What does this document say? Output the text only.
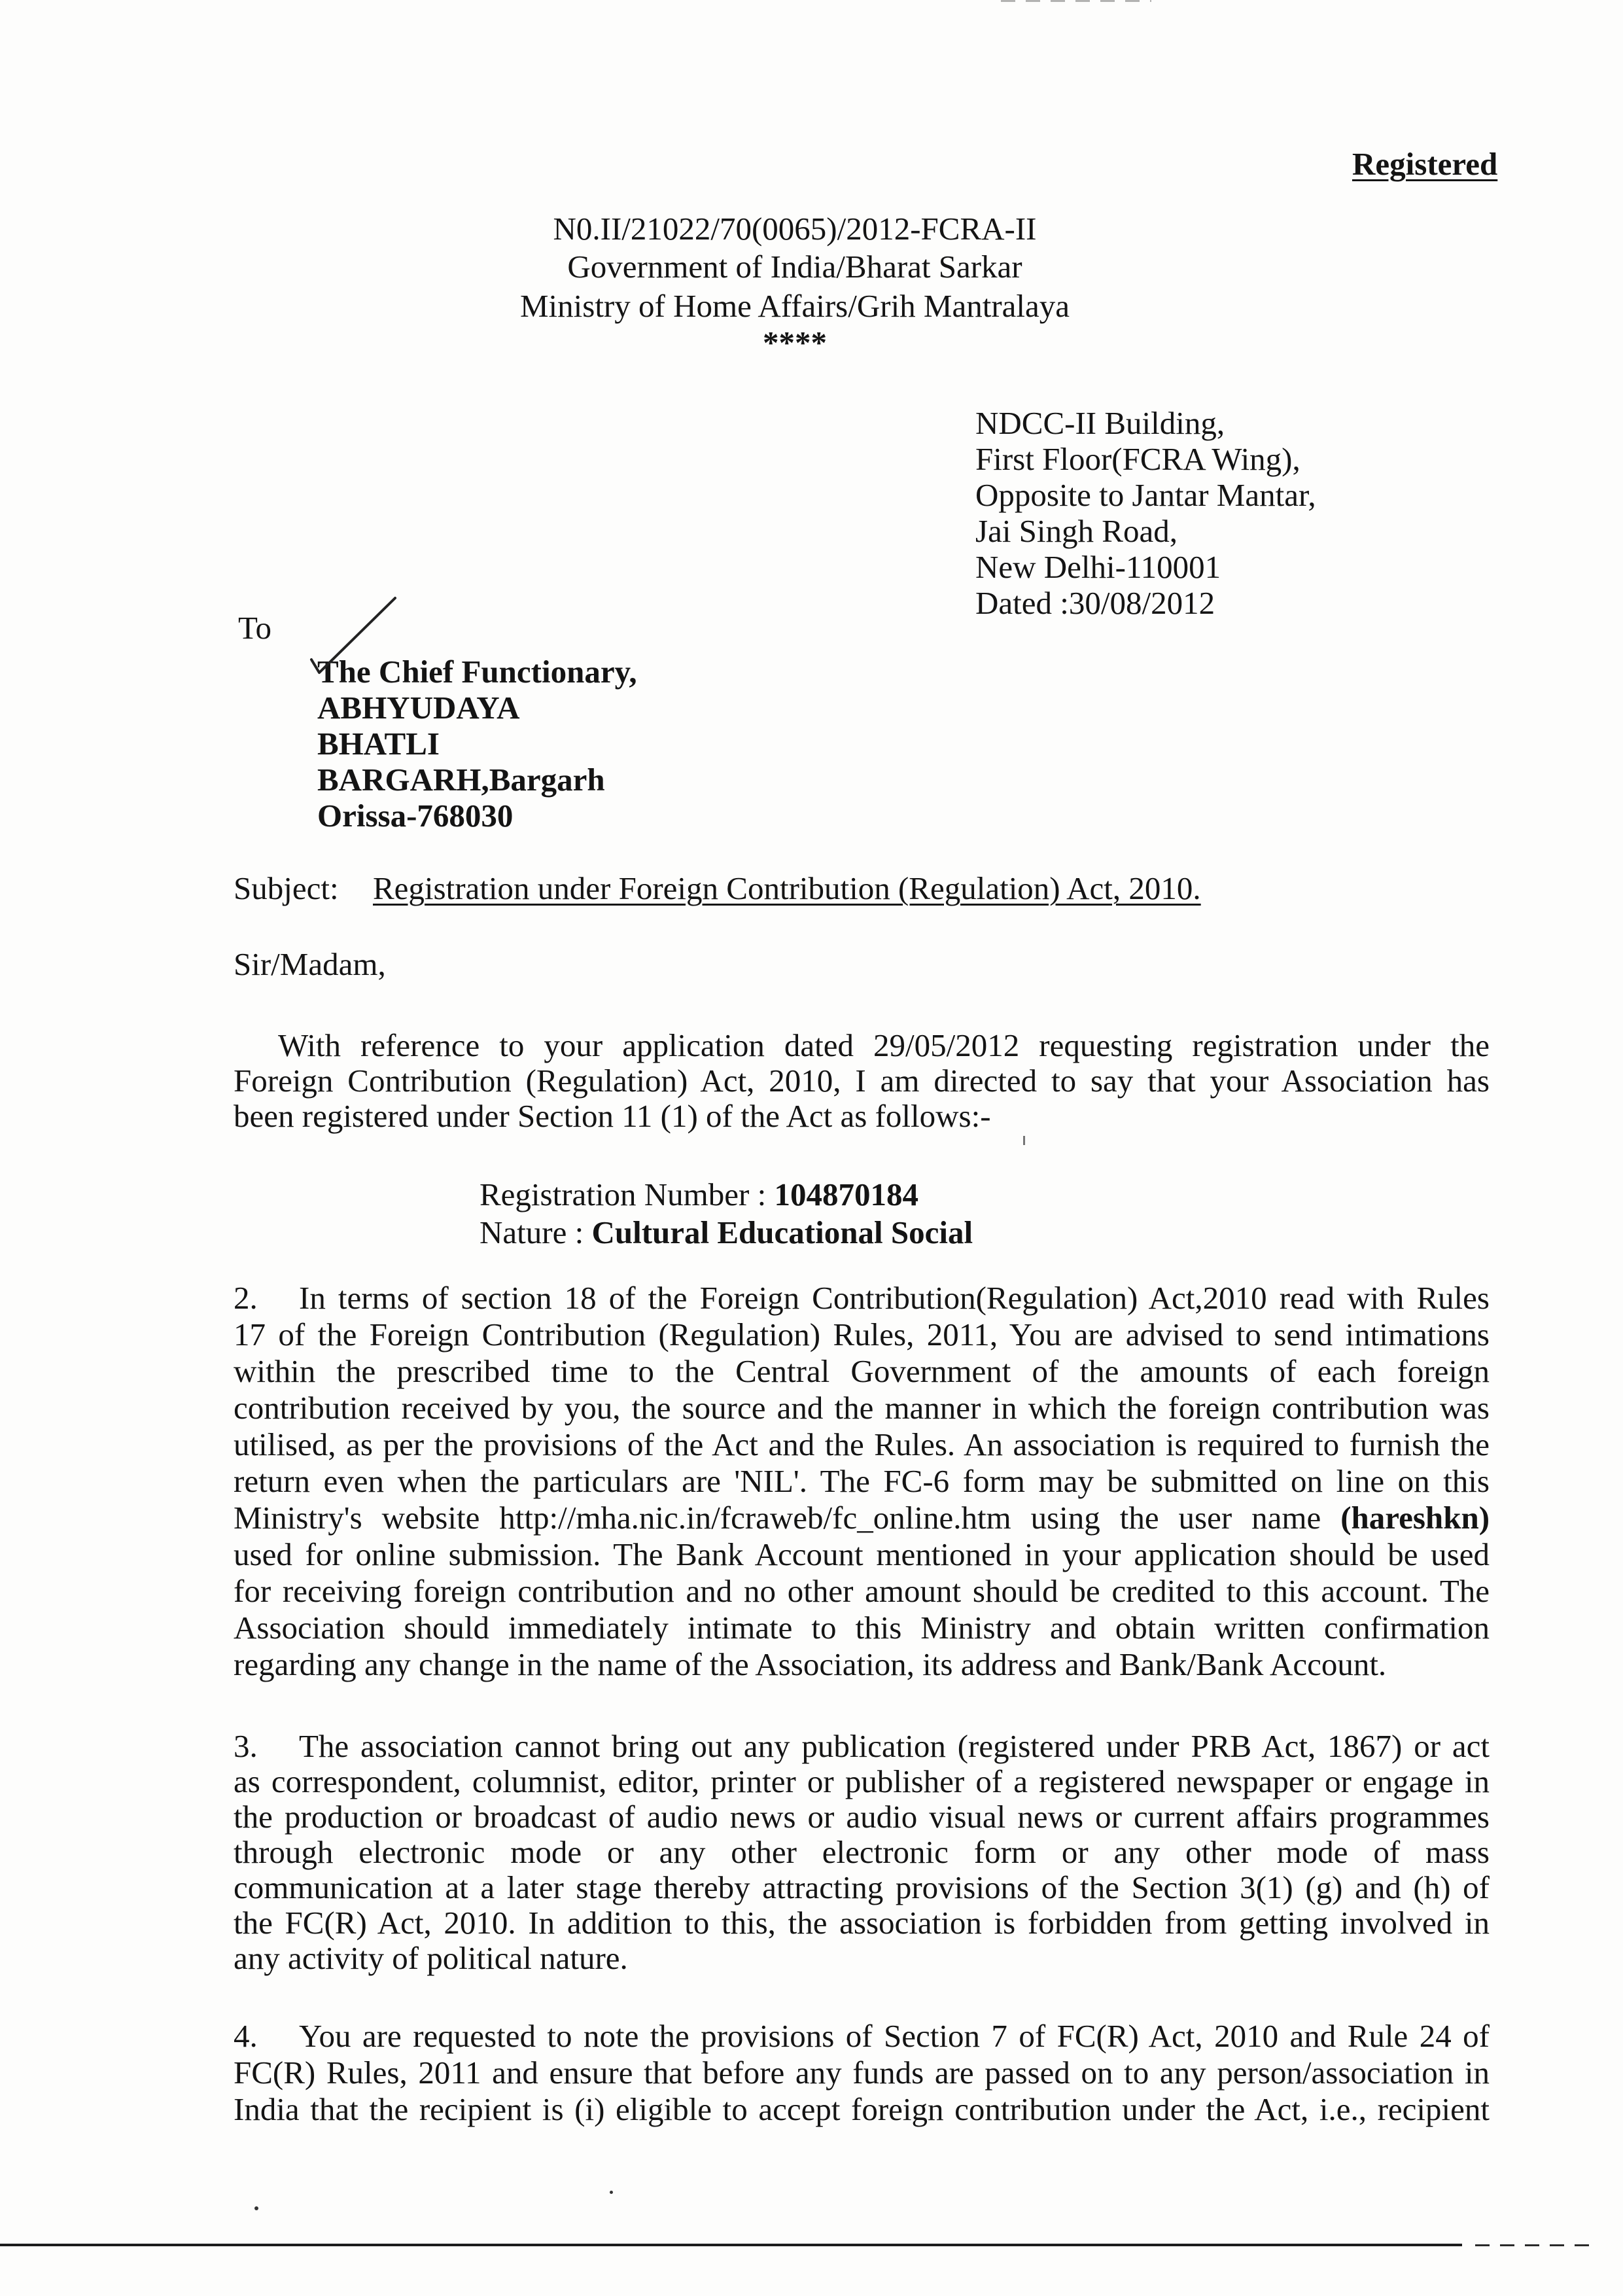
Registered
N0.II/21022/70(0065)/2012-FCRA-II
Government of India/Bharat Sarkar
Ministry of Home Affairs/Grih Mantralaya
****
NDCC-II Building,
First Floor(FCRA Wing),
Opposite to Jantar Mantar,
Jai Singh Road,
New Delhi-110001
Dated :30/08/2012
To
The Chief Functionary,
ABHYUDAYA
BHATLI
BARGARH,Bargarh
Orissa-768030
Subject: Registration under Foreign Contribution (Regulation) Act, 2010.
Sir/Madam,
With reference to your application dated 29/05/2012 requesting registration under the
Foreign Contribution (Regulation) Act, 2010, I am directed to say that your Association has
been registered under Section 11 (1) of the Act as follows:-
Registration Number : 104870184
Nature : Cultural Educational Social
2. In terms of section 18 of the Foreign Contribution(Regulation) Act,2010 read with Rules
17 of the Foreign Contribution (Regulation) Rules, 2011, You are advised to send intimations
within the prescribed time to the Central Government of the amounts of each foreign
contribution received by you, the source and the manner in which the foreign contribution was
utilised, as per the provisions of the Act and the Rules. An association is required to furnish the
return even when the particulars are 'NIL'. The FC-6 form may be submitted on line on this
Ministry's website http://mha.nic.in/fcraweb/fc_online.htm using the user name (hareshkn)
used for online submission. The Bank Account mentioned in your application should be used
for receiving foreign contribution and no other amount should be credited to this account. The
Association should immediately intimate to this Ministry and obtain written confirmation
regarding any change in the name of the Association, its address and Bank/Bank Account.
3. The association cannot bring out any publication (registered under PRB Act, 1867) or act
as correspondent, columnist, editor, printer or publisher of a registered newspaper or engage in
the production or broadcast of audio news or audio visual news or current affairs programmes
through electronic mode or any other electronic form or any other mode of mass
communication at a later stage thereby attracting provisions of the Section 3(1) (g) and (h) of
the FC(R) Act, 2010. In addition to this, the association is forbidden from getting involved in
any activity of political nature.
4. You are requested to note the provisions of Section 7 of FC(R) Act, 2010 and Rule 24 of
FC(R) Rules, 2011 and ensure that before any funds are passed on to any person/association in
India that the recipient is (i) eligible to accept foreign contribution under the Act, i.e., recipient
